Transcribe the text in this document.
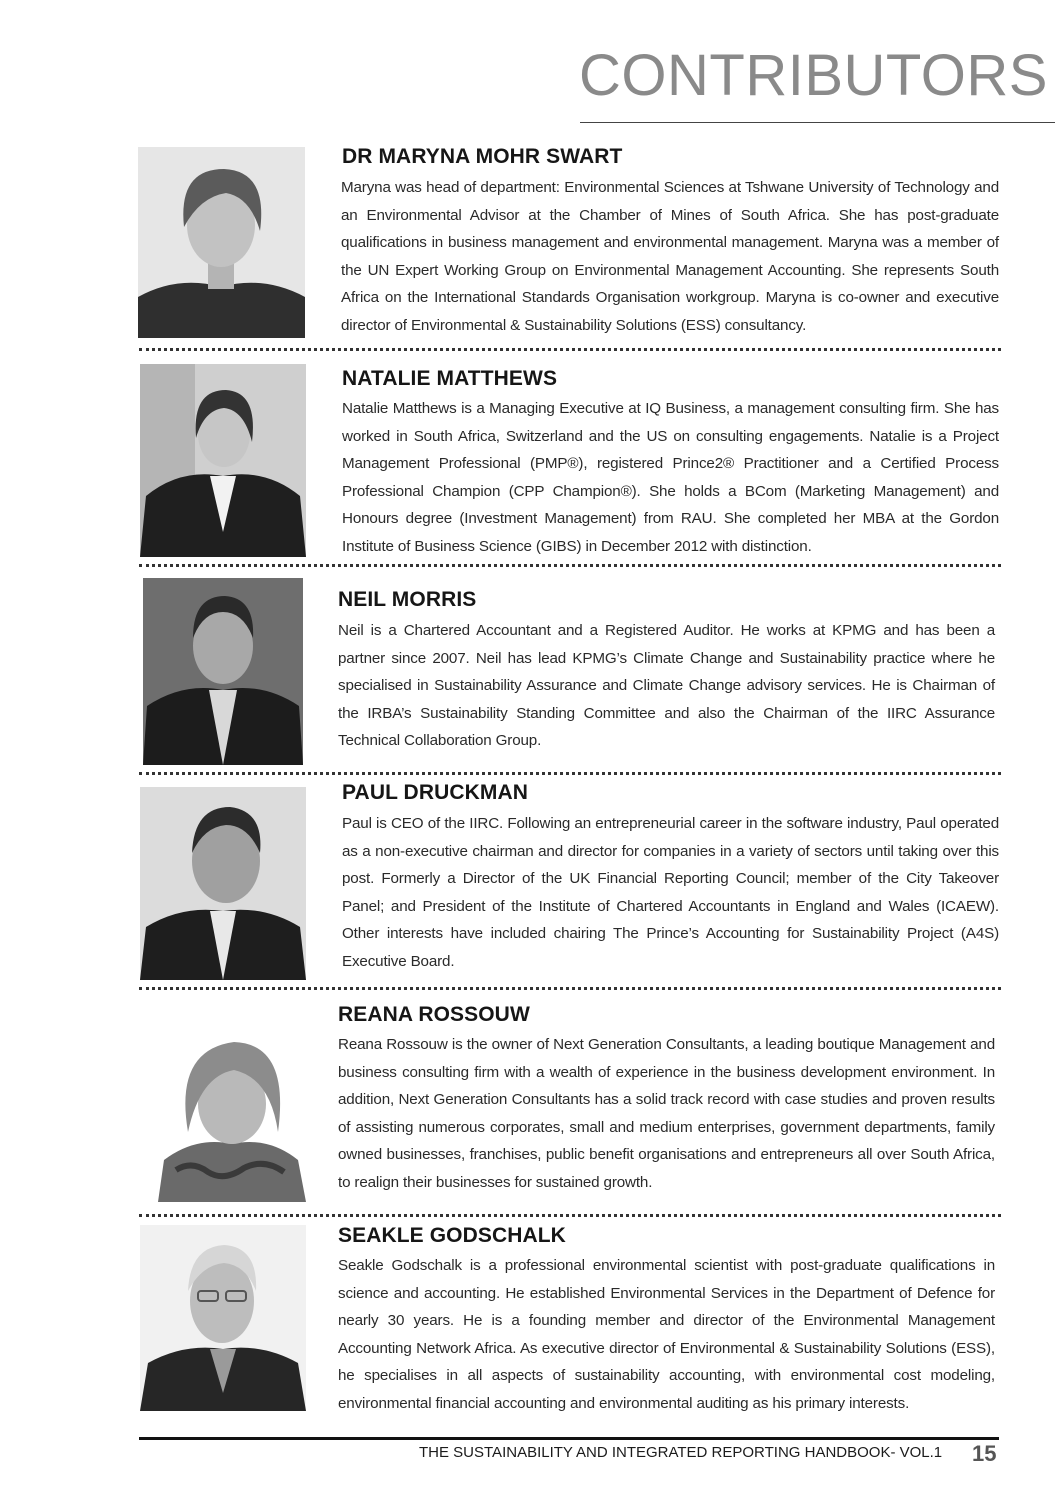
CONTRIBUTORS
DR MARYNA MOHR SWART

Maryna was head of department: Environmental Sciences at Tshwane University of Technology and an Environmental Advisor at the Chamber of Mines of South Africa. She has post-graduate qualifications in business management and environmental management. Maryna was a member of the UN Expert Working Group on Environmental Management Accounting. She represents South Africa on the International Standards Organisation workgroup. Maryna is co-owner and executive director of Environmental & Sustainability Solutions (ESS) consultancy.

NATALIE MATTHEWS

Natalie Matthews is a Managing Executive at IQ Business, a management consulting firm. She has worked in South Africa, Switzerland and the US on consulting engagements. Natalie is a Project Management Professional (PMP®), registered Prince2® Practitioner and a Certified Process Professional Champion (CPP Champion®). She holds a BCom (Marketing Management) and Honours degree (Investment Management) from RAU. She completed her MBA at the Gordon Institute of Business Science (GIBS) in December 2012 with distinction.

NEIL MORRIS

Neil is a Chartered Accountant and a Registered Auditor. He works at KPMG and has been a partner since 2007. Neil has lead KPMG’s Climate Change and Sustainability practice where he specialised in Sustainability Assurance and Climate Change advisory services. He is Chairman of the IRBA’s Sustainability Standing Committee and also the Chairman of the IIRC Assurance Technical Collaboration Group.

PAUL DRUCKMAN

Paul is CEO of the IIRC. Following an entrepreneurial career in the software industry, Paul operated as a non-executive chairman and director for companies in a variety of sectors until taking over this post. Formerly a Director of the UK Financial Reporting Council; member of the City Takeover Panel; and President of the Institute of Chartered Accountants in England and Wales (ICAEW). Other interests have included chairing The Prince’s Accounting for Sustainability Project (A4S) Executive Board.

REANA ROSSOUW

Reana Rossouw is the owner of Next Generation Consultants, a leading boutique Management and business consulting firm with a wealth of experience in the business development environment. In addition, Next Generation Consultants has a solid track record with case studies and proven results of assisting numerous corporates, small and medium enterprises, government departments, family owned businesses, franchises, public benefit organisations and entrepreneurs all over South Africa, to realign their businesses for sustained growth.

SEAKLE GODSCHALK

Seakle Godschalk is a professional environmental scientist with post-graduate qualifications in science and accounting. He established Environmental Services in the Department of Defence for nearly 30 years. He is a founding member and director of the Environmental Management Accounting Network Africa. As executive director of Environmental & Sustainability Solutions (ESS), he specialises in all aspects of sustainability accounting, with environmental cost modeling, environmental financial accounting and environmental auditing as his primary interests.

THE SUSTAINABILITY AND INTEGRATED REPORTING HANDBOOK- VOL.1 15
